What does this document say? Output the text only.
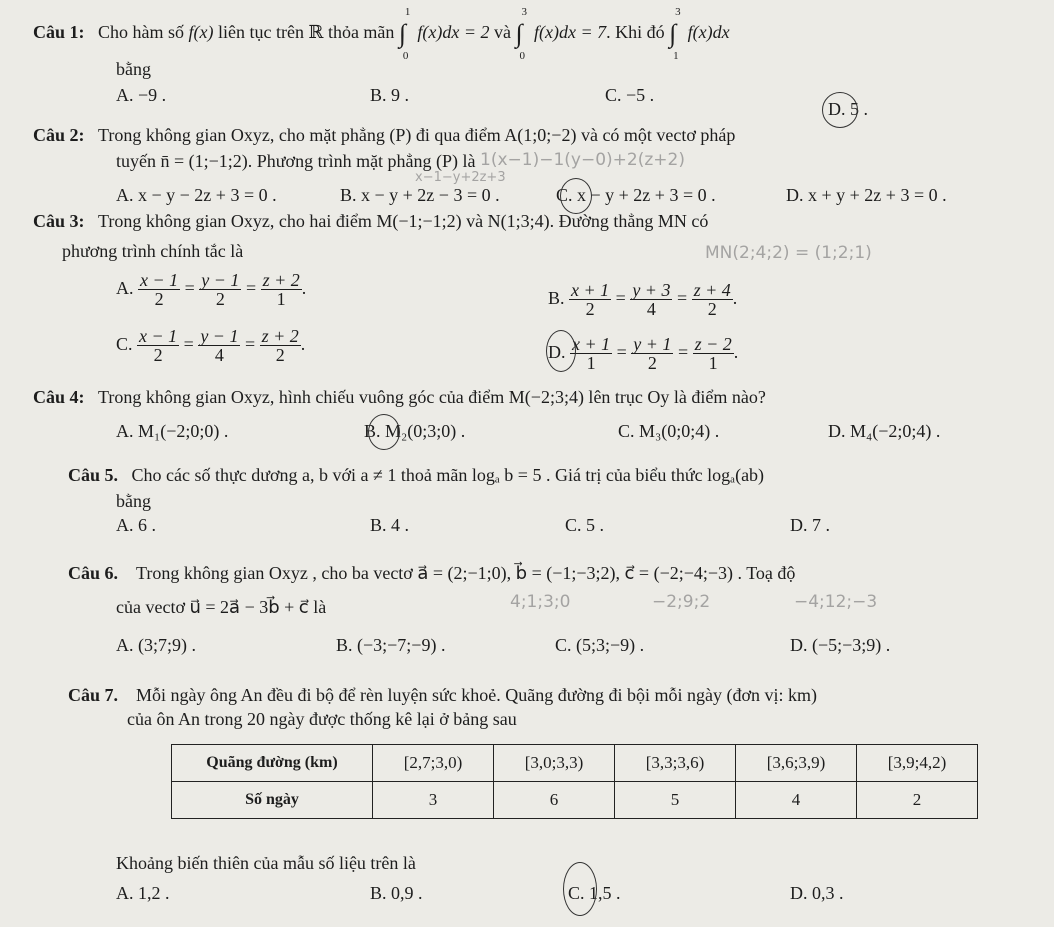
Câu 1: Cho hàm số f(x) liên tục trên ℝ thỏa mãn ∫
1
0
f(x)dx = 2 và ∫
3
0
f(x)dx = 7. Khi đó ∫
3
1
f(x)dx
bằng
A. −9 .	B. 9 .	C. −5 .
D. 5 .
Câu 2: Trong không gian Oxyz, cho mặt phẳng (P) đi qua điểm A(1;0;−2) và có một vectơ pháp
tuyến n̄ = (1;−1;2). Phương trình mặt phẳng (P) là 1(x−1)−1(y−0)+2(z+2)
x−1−y+2z+3
A. x − y − 2z + 3 = 0 .	B. x − y + 2z − 3 = 0 .	C. x − y + 2z + 3 = 0 .	D. x + y + 2z + 3 = 0 .
Câu 3: Trong không gian Oxyz, cho hai điểm M(−1;−1;2) và N(1;3;4). Đường thẳng MN có
phương trình chính tắc là	MN(2;4;2) = (1;2;1)
A. $\frac{x - 1}{2} = \frac{y - 1}{2} = \frac{z + 2}{1}$ .	B. $\frac{x + 1}{2} = \frac{y + 3}{4} = \frac{z + 4}{2}$ .
C. $\frac{x - 1}{2} = \frac{y - 1}{4} = \frac{z + 2}{2}$ .	D. $\frac{x + 1}{1} = \frac{y + 1}{2} = \frac{z - 2}{1}$ .
Câu 4: Trong không gian Oxyz, hình chiếu vuông góc của điểm M(−2;3;4) lên trục Oy là điểm nào?
A. M₁(−2;0;0) .	B. M₂(0;3;0) .	C. M₃(0;0;4) .	D. M₄(−2;0;4) .
Câu 5. Cho các số thực dương a, b với a ≠ 1 thoả mãn logₐ b = 5 . Giá trị của biểu thức logₐ(ab)
bằng
A. 6 .	B. 4 .	C. 5 .	D. 7 .
Câu 6. Trong không gian Oxyz , cho ba vectơ a⃗ = (2;−1;0), b⃗ = (−1;−3;2), c⃗ = (−2;−4;−3) . Toạ độ
của vectơ u⃗ = 2a⃗ − 3b⃗ + c⃗ là	4;1;3;0	−2;9;2	−4;12;−3
A. (3;7;9) .	B. (−3;−7;−9) .	C. (5;3;−9) .	D. (−5;−3;9) .
Câu 7. Mỗi ngày ông An đều đi bộ để rèn luyện sức khoẻ. Quãng đường đi bội mỗi ngày (đơn vị: km)
của ôn An trong 20 ngày được thống kê lại ở bảng sau
Quãng đường (km)	[2,7;3,0)	[3,0;3,3)	[3,3;3,6)	[3,6;3,9)	[3,9;4,2)
Số ngày	3	6	5	4	2
Khoảng biến thiên của mẫu số liệu trên là
A. 1,2 .	B. 0,9 .	C. 1,5 .	D. 0,3 .
